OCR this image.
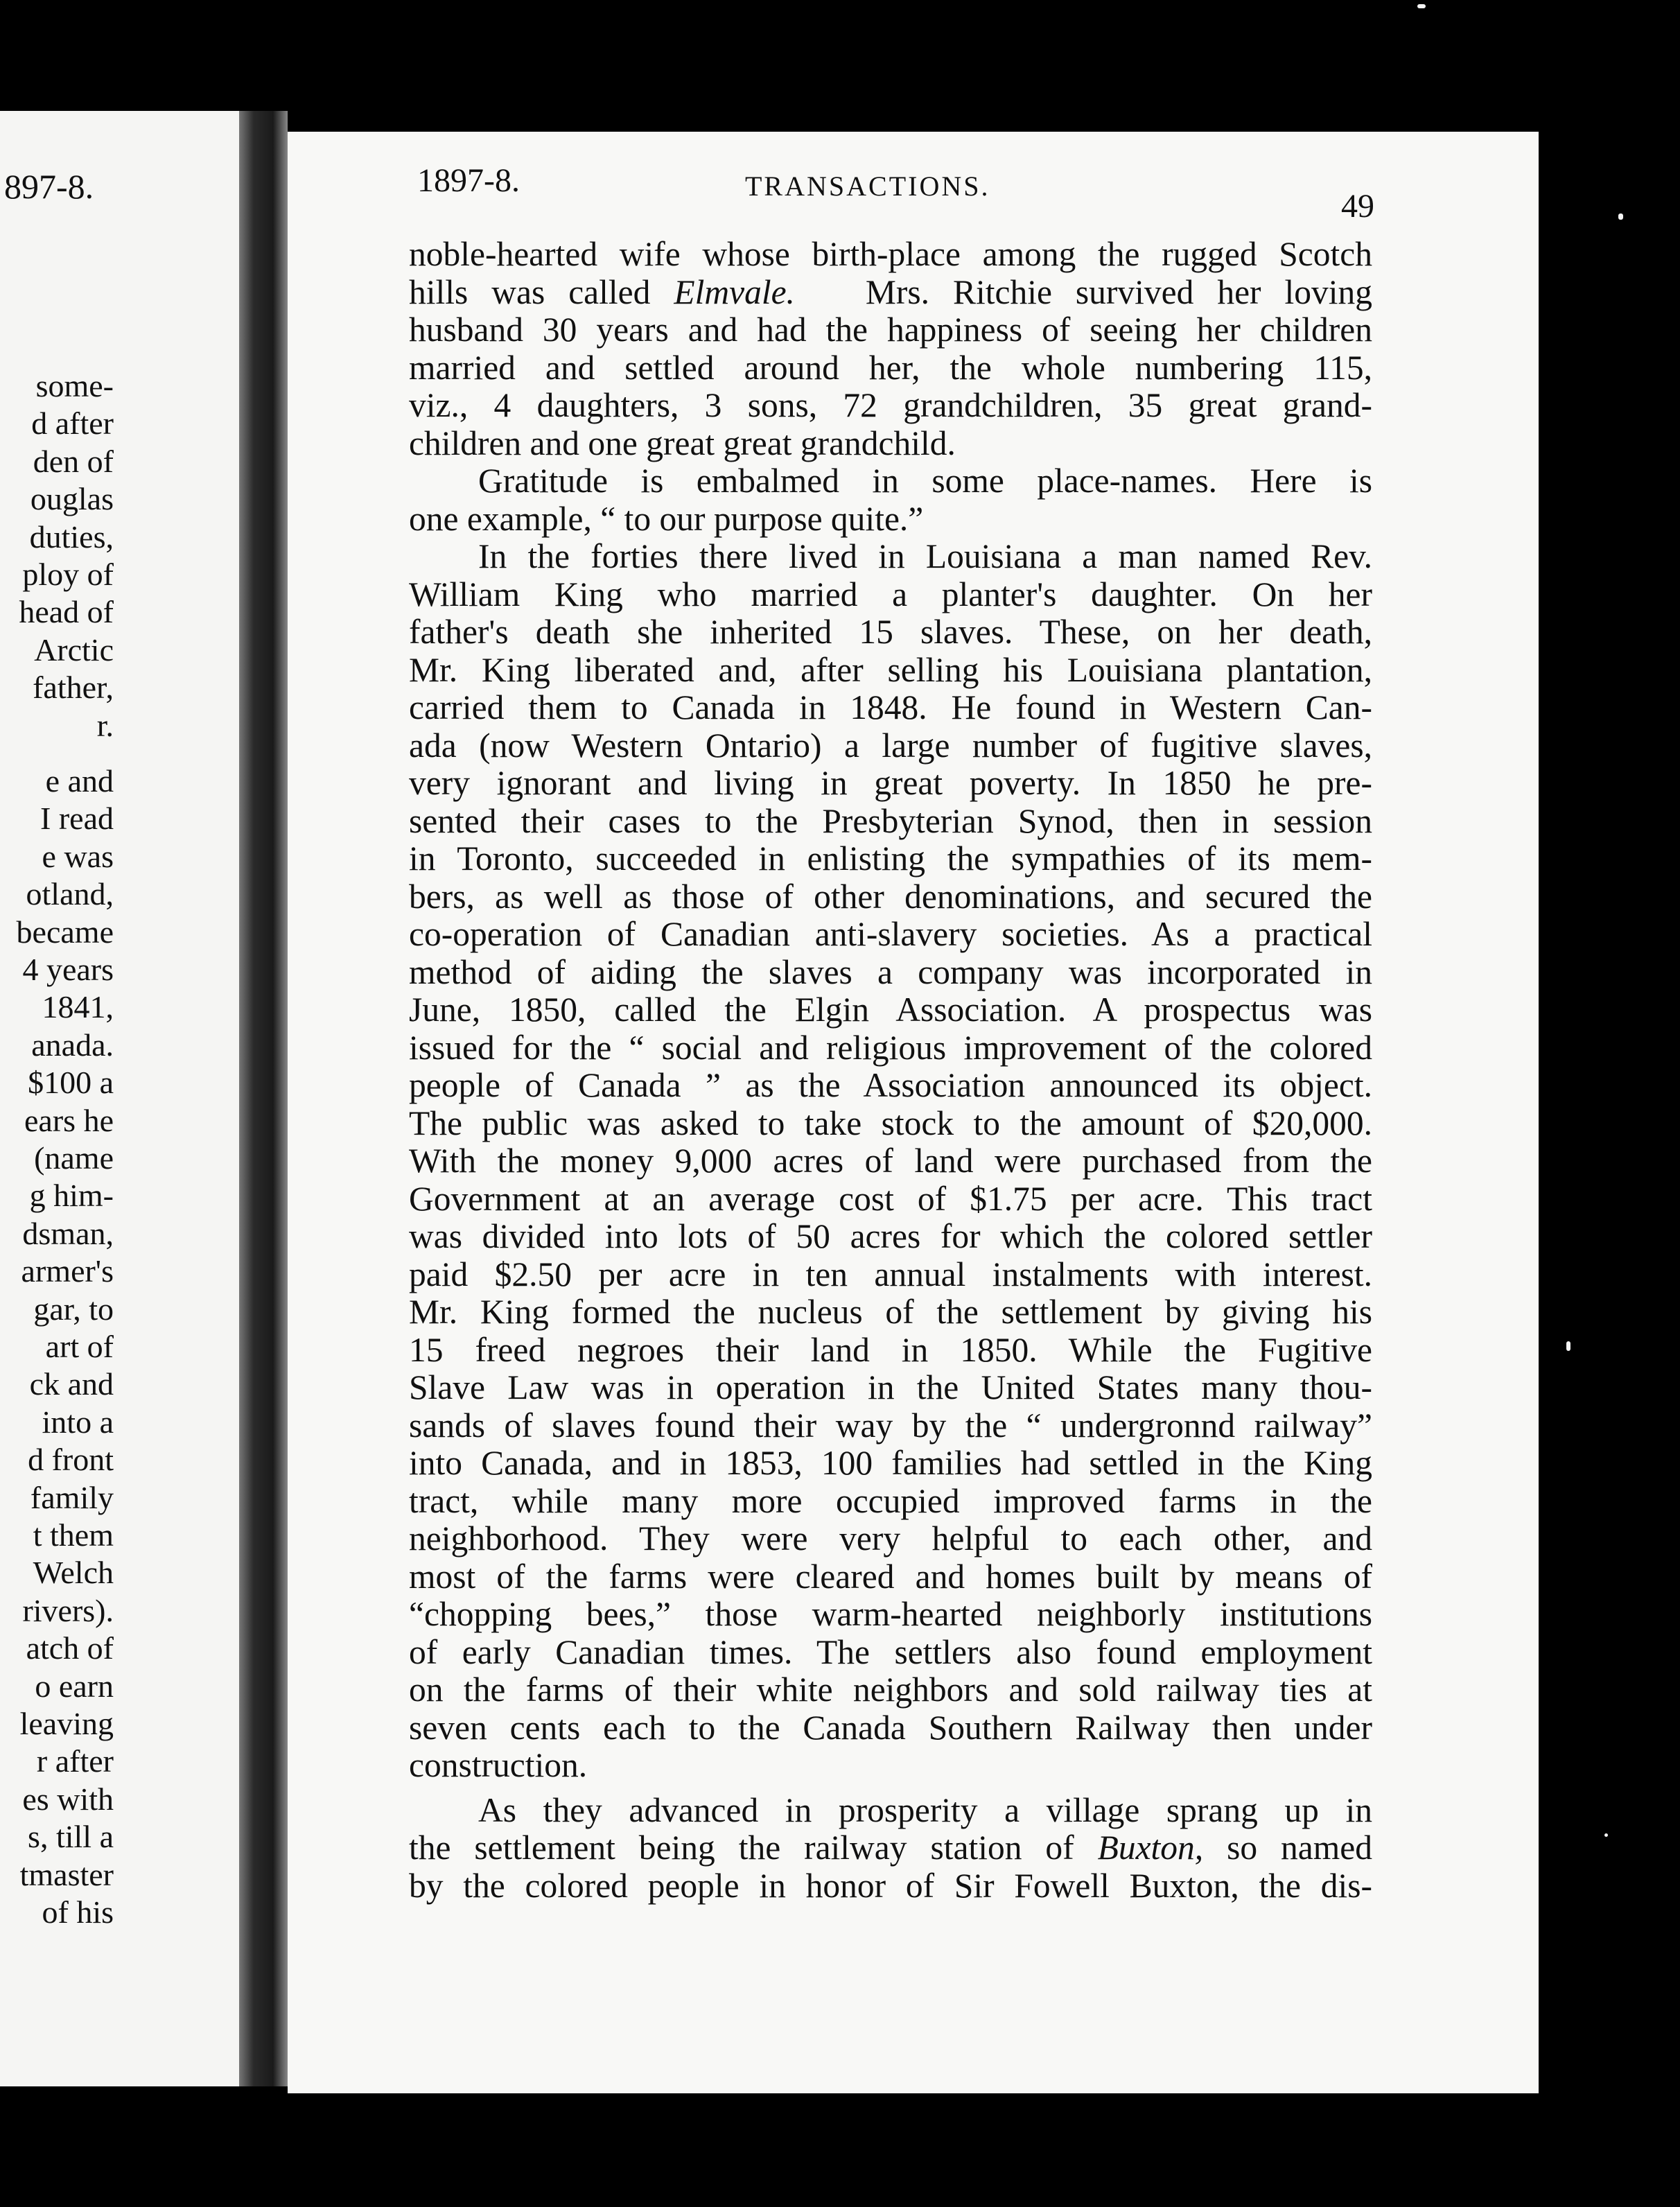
897-8.
some-
d after
den of
ouglas
duties,
ploy of
head of
Arctic
father,
r.
e and
I read
e was
otland,
became
4 years
1841,
anada.
$100 a
ears he
(name
g him-
dsman,
armer's
gar, to
art of
ck and
into a
d front
family
t them
Welch
rivers).
atch of
o earn
leaving
r after
es with
s, till a
tmaster
of his
1897-8.	TRANSACTIONS.
49
noble-hearted wife whose birth-place among the rugged Scotch
hills was called Elmvale. Mrs. Ritchie survived her loving
husband 30 years and had the happiness of seeing her children
married and settled around her, the whole numbering 115,
viz., 4 daughters, 3 sons, 72 grandchildren, 35 great grand-
children and one great great grandchild.
Gratitude is embalmed in some place-names. Here is
one example, “ to our purpose quite.”
In the forties there lived in Louisiana a man named Rev.
William King who married a planter's daughter. On her
father's death she inherited 15 slaves. These, on her death,
Mr. King liberated and, after selling his Louisiana plantation,
carried them to Canada in 1848. He found in Western Can-
ada (now Western Ontario) a large number of fugitive slaves,
very ignorant and living in great poverty. In 1850 he pre-
sented their cases to the Presbyterian Synod, then in session
in Toronto, succeeded in enlisting the sympathies of its mem-
bers, as well as those of other denominations, and secured the
co-operation of Canadian anti-slavery societies. As a practical
method of aiding the slaves a company was incorporated in
June, 1850, called the Elgin Association. A prospectus was
issued for the “ social and religious improvement of the colored
people of Canada ” as the Association announced its object.
The public was asked to take stock to the amount of $20,000.
With the money 9,000 acres of land were purchased from the
Government at an average cost of $1.75 per acre. This tract
was divided into lots of 50 acres for which the colored settler
paid $2.50 per acre in ten annual instalments with interest.
Mr. King formed the nucleus of the settlement by giving his
15 freed negroes their land in 1850. While the Fugitive
Slave Law was in operation in the United States many thou-
sands of slaves found their way by the “ undergronnd railway”
into Canada, and in 1853, 100 families had settled in the King
tract, while many more occupied improved farms in the
neighborhood. They were very helpful to each other, and
most of the farms were cleared and homes built by means of
“chopping bees,” those warm-hearted neighborly institutions
of early Canadian times. The settlers also found employment
on the farms of their white neighbors and sold railway ties at
seven cents each to the Canada Southern Railway then under
construction.
As they advanced in prosperity a village sprang up in
the settlement being the railway station of Buxton, so named
by the colored people in honor of Sir Fowell Buxton, the dis-
